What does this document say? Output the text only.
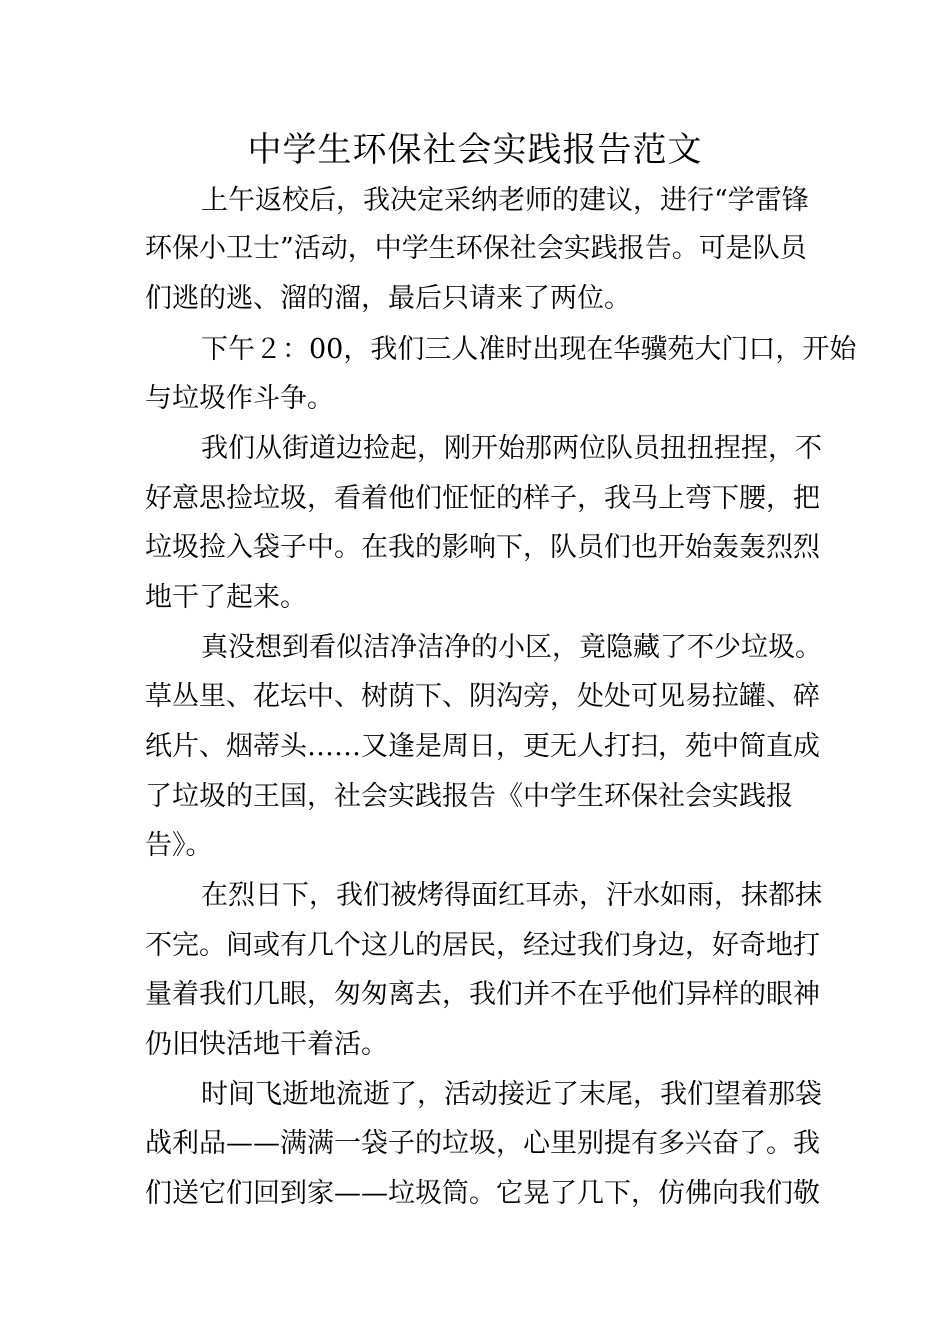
中学生环保社会实践报告范文
上午返校后，我决定采纳老师的建议，进行“学雷锋
环保小卫士”活动，中学生环保社会实践报告。可是队员
们逃的逃、溜的溜，最后只请来了两位。
下午２：00，我们三人准时出现在华骥苑大门口，开始
与垃圾作斗争。
我们从街道边捡起，刚开始那两位队员扭扭捏捏，不
好意思捡垃圾，看着他们怔怔的样子，我马上弯下腰，把
垃圾捡入袋子中。在我的影响下，队员们也开始轰轰烈烈
地干了起来。
真没想到看似洁净洁净的小区，竟隐藏了不少垃圾。
草丛里、花坛中、树荫下、阴沟旁，处处可见易拉罐、碎
纸片、烟蒂头……又逢是周日，更无人打扫，苑中简直成
了垃圾的王国，社会实践报告《中学生环保社会实践报
告》。
在烈日下，我们被烤得面红耳赤，汗水如雨，抹都抹
不完。间或有几个这儿的居民，经过我们身边，好奇地打
量着我们几眼，匆匆离去，我们并不在乎他们异样的眼神
仍旧快活地干着活。
时间飞逝地流逝了，活动接近了末尾，我们望着那袋
战利品——满满一袋子的垃圾，心里别提有多兴奋了。我
们送它们回到家——垃圾筒。它晃了几下，仿佛向我们敬
